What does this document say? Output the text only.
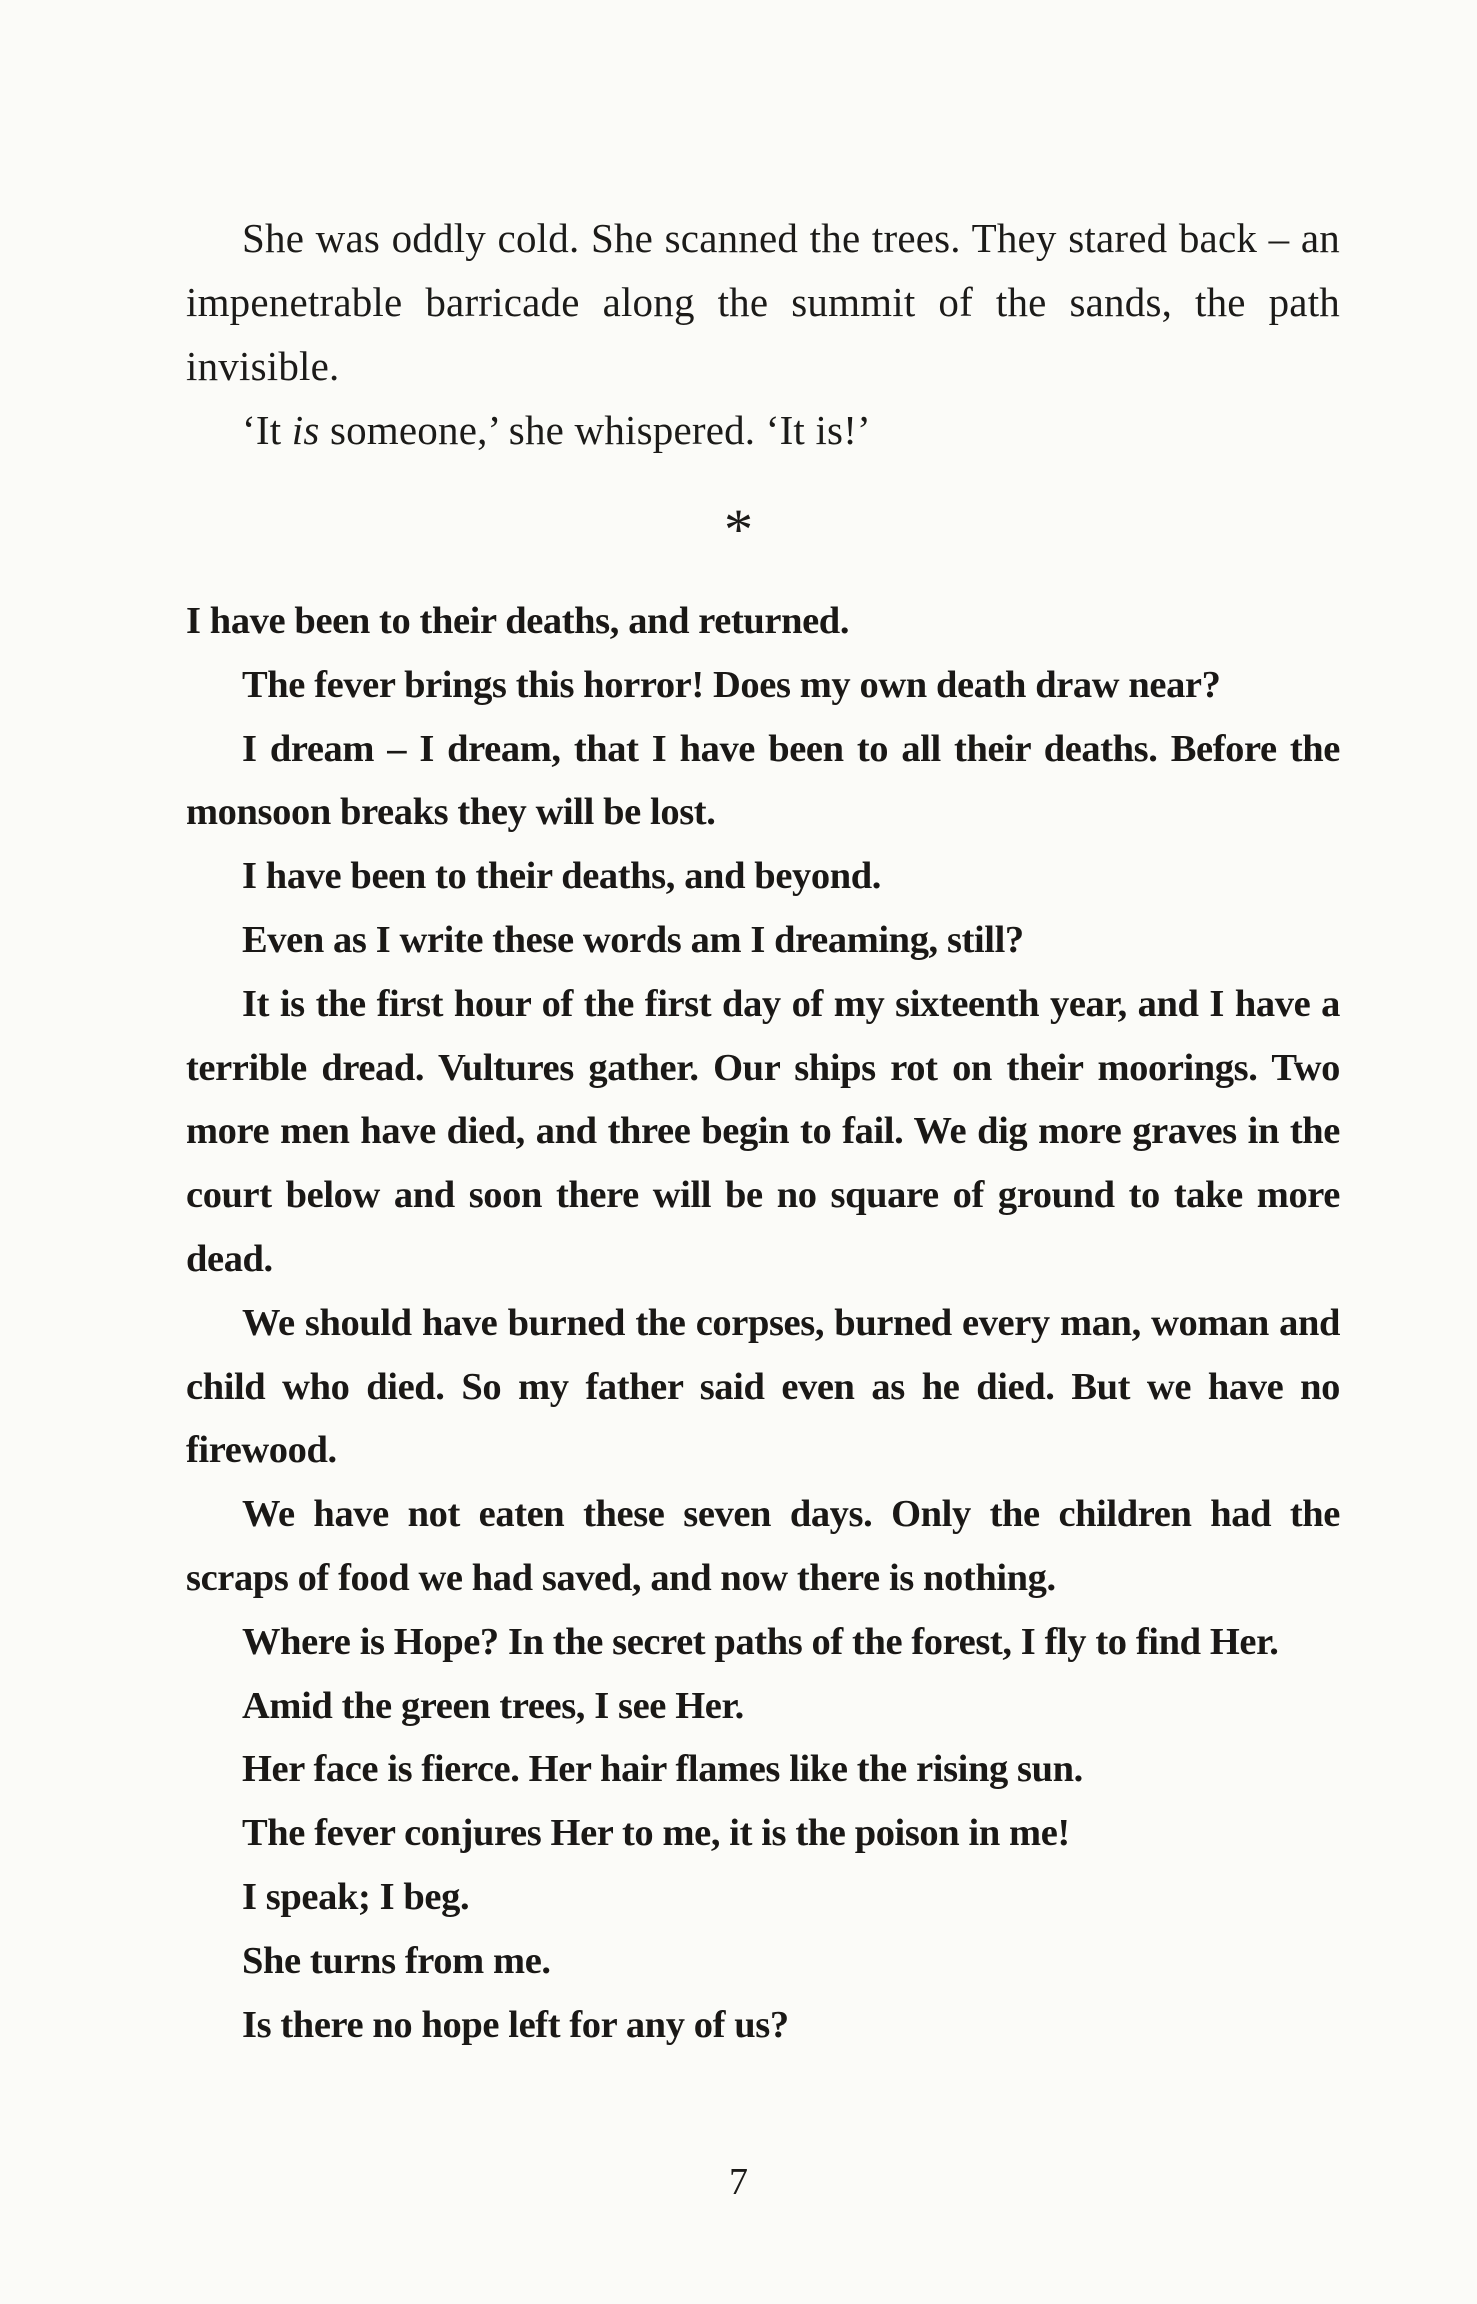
She was oddly cold. She scanned the trees. They stared back – an impenetrable barricade along the summit of the sands, the path invisible.

‘It is someone,’ she whispered. ‘It is!’

*

I have been to their deaths, and returned.

The fever brings this horror! Does my own death draw near?

I dream – I dream, that I have been to all their deaths. Before the monsoon breaks they will be lost.

I have been to their deaths, and beyond.

Even as I write these words am I dreaming, still?

It is the first hour of the first day of my sixteenth year, and I have a terrible dread. Vultures gather. Our ships rot on their moorings. Two more men have died, and three begin to fail. We dig more graves in the court below and soon there will be no square of ground to take more dead.

We should have burned the corpses, burned every man, woman and child who died. So my father said even as he died. But we have no firewood.

We have not eaten these seven days. Only the children had the scraps of food we had saved, and now there is nothing.

Where is Hope? In the secret paths of the forest, I fly to find Her.

Amid the green trees, I see Her.

Her face is fierce. Her hair flames like the rising sun.

The fever conjures Her to me, it is the poison in me!

I speak; I beg.

She turns from me.

Is there no hope left for any of us?

7
